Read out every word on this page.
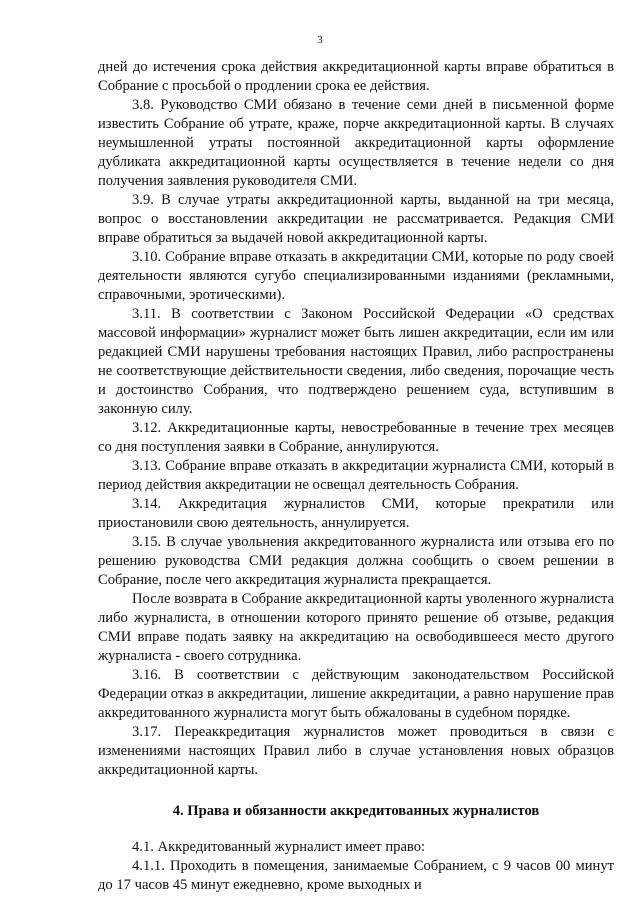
3

дней до истечения срока действия аккредитационной карты вправе обратиться в Собрание с просьбой о продлении срока ее действия.

3.8. Руководство СМИ обязано в течение семи дней в письменной форме известить Собрание об утрате, краже, порче аккредитационной карты. В случаях неумышленной утраты постоянной аккредитационной карты оформление дубликата аккредитационной карты осуществляется в течение недели со дня получения заявления руководителя СМИ.

3.9. В случае утраты аккредитационной карты, выданной на три месяца, вопрос о восстановлении аккредитации не рассматривается. Редакция СМИ вправе обратиться за выдачей новой аккредитационной карты.

3.10. Собрание вправе отказать в аккредитации СМИ, которые по роду своей деятельности являются сугубо специализированными изданиями (рекламными, справочными, эротическими).

3.11. В соответствии с Законом Российской Федерации «О средствах массовой информации» журналист может быть лишен аккредитации, если им или редакцией СМИ нарушены требования настоящих Правил, либо распространены не соответствующие действительности сведения, либо сведения, порочащие честь и достоинство Собрания, что подтверждено решением суда, вступившим в законную силу.

3.12. Аккредитационные карты, невостребованные в течение трех месяцев со дня поступления заявки в Собрание, аннулируются.

3.13. Собрание вправе отказать в аккредитации журналиста СМИ, который в период действия аккредитации не освещал деятельность Собрания.

3.14. Аккредитация журналистов СМИ, которые прекратили или приостановили свою деятельность, аннулируется.

3.15. В случае увольнения аккредитованного журналиста или отзыва его по решению руководства СМИ редакция должна сообщить о своем решении в Собрание, после чего аккредитация журналиста прекращается.

После возврата в Собрание аккредитационной карты уволенного журналиста либо журналиста, в отношении которого принято решение об отзыве, редакция СМИ вправе подать заявку на аккредитацию на освободившееся место другого журналиста - своего сотрудника.

3.16. В соответствии с действующим законодательством Российской Федерации отказ в аккредитации, лишение аккредитации, а равно нарушение прав аккредитованного журналиста могут быть обжалованы в судебном порядке.

3.17. Переаккредитация журналистов может проводиться в связи с изменениями настоящих Правил либо в случае установления новых образцов аккредитационной карты.

4. Права и обязанности аккредитованных журналистов

4.1. Аккредитованный журналист имеет право:

4.1.1. Проходить в помещения, занимаемые Собранием, с 9 часов 00 минут до 17 часов 45 минут ежедневно, кроме выходных и
